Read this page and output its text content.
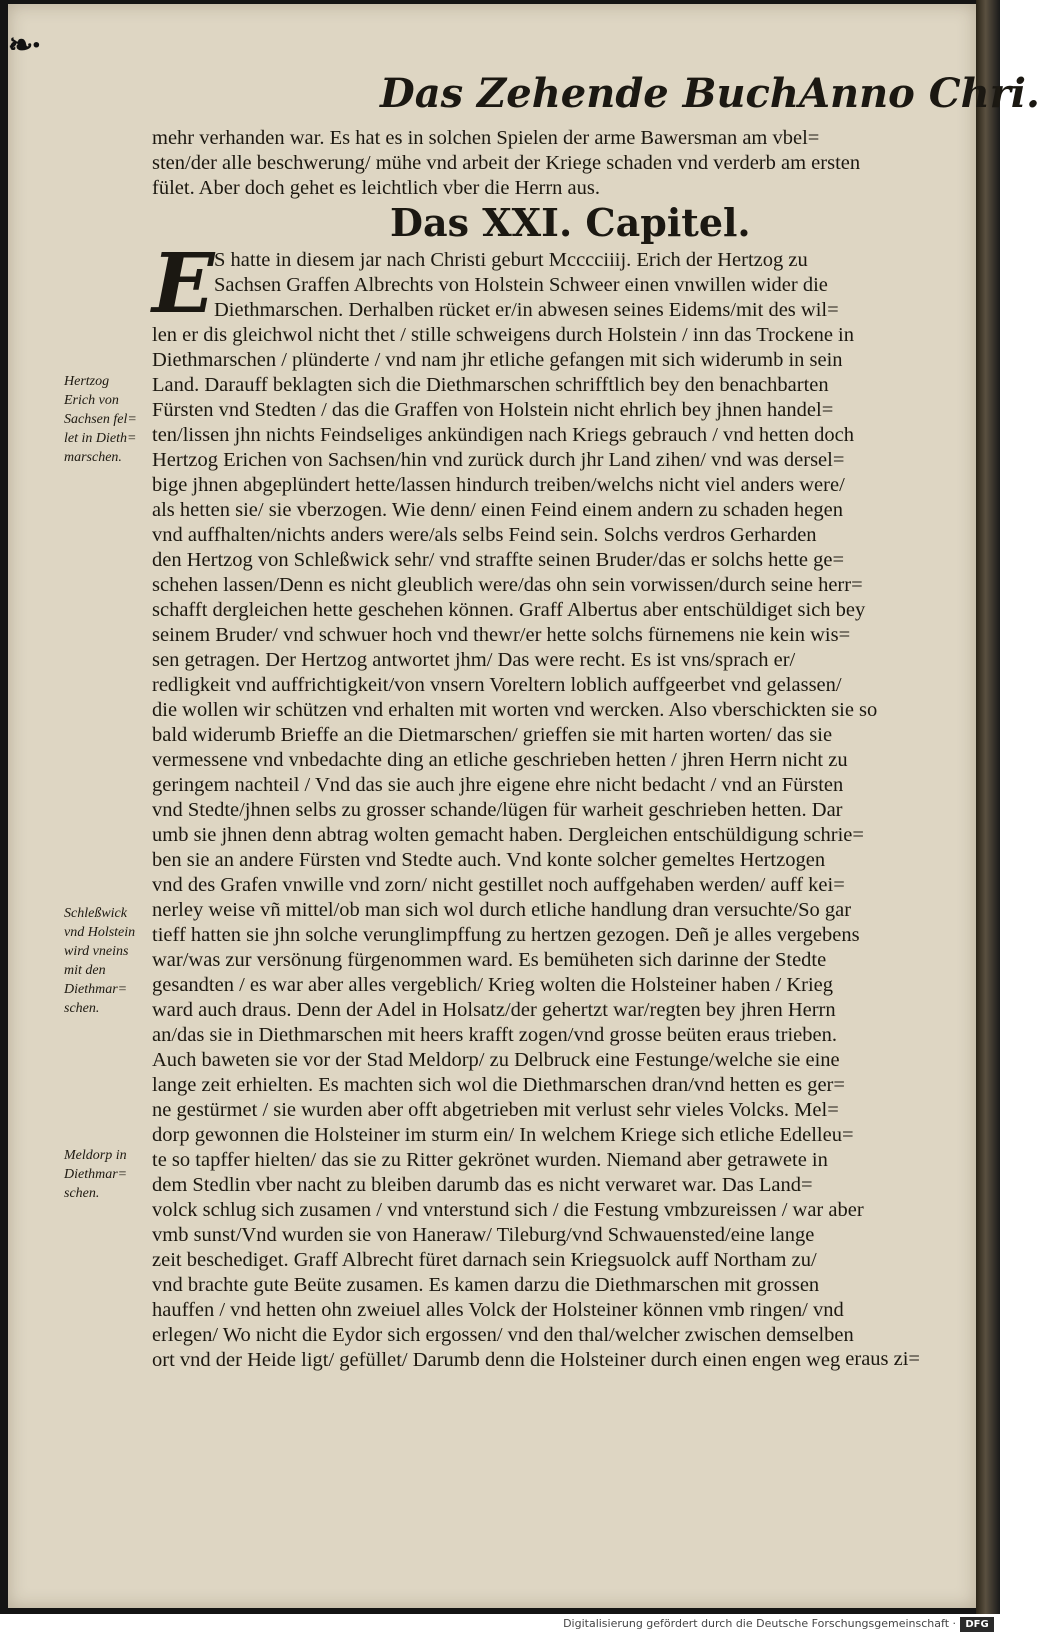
❧·
Das Zehende Buch Anno Chri.
mehr verhanden war. Es hat es in solchen Spielen der arme Bawersman am vbel=
sten/der alle beschwerung/ mühe vnd arbeit der Kriege schaden vnd verderb am ersten
fület. Aber doch gehet es leichtlich vber die Herrn aus.
Das XXI. Capitel.
E S hatte in diesem jar nach Christi geburt Mcccciiij. Erich der Hertzog zu
Sachsen Graffen Albrechts von Holstein Schweer einen vnwillen wider die
Diethmarschen. Derhalben rücket er/in abwesen seines Eidems/mit des wil=
len er dis gleichwol nicht thet / stille schweigens durch Holstein / inn das Trockene in
Diethmarschen / plünderte / vnd nam jhr etliche gefangen mit sich widerumb in sein
Land. Darauff beklagten sich die Diethmarschen schrifftlich bey den benachbarten
Fürsten vnd Stedten / das die Graffen von Holstein nicht ehrlich bey jhnen handel=
ten/lissen jhn nichts Feindseliges ankündigen nach Kriegs gebrauch / vnd hetten doch
Hertzog Erichen von Sachsen/hin vnd zurück durch jhr Land zihen/ vnd was dersel=
bige jhnen abgeplündert hette/lassen hindurch treiben/welchs nicht viel anders were/
als hetten sie/ sie vberzogen. Wie denn/ einen Feind einem andern zu schaden hegen
vnd auffhalten/nichts anders were/als selbs Feind sein. Solchs verdros Gerharden
den Hertzog von Schleßwick sehr/ vnd straffte seinen Bruder/das er solchs hette ge=
schehen lassen/Denn es nicht gleublich were/das ohn sein vorwissen/durch seine herr=
schafft dergleichen hette geschehen können. Graff Albertus aber entschüldiget sich bey
seinem Bruder/ vnd schwuer hoch vnd thewr/er hette solchs fürnemens nie kein wis=
sen getragen. Der Hertzog antwortet jhm/ Das were recht. Es ist vns/sprach er/
redligkeit vnd auffrichtigkeit/von vnsern Voreltern loblich auffgeerbet vnd gelassen/
die wollen wir schützen vnd erhalten mit worten vnd wercken. Also vberschickten sie so
bald widerumb Brieffe an die Dietmarschen/ grieffen sie mit harten worten/ das sie
vermessene vnd vnbedachte ding an etliche geschrieben hetten / jhren Herrn nicht zu
geringem nachteil / Vnd das sie auch jhre eigene ehre nicht bedacht / vnd an Fürsten
vnd Stedte/jhnen selbs zu grosser schande/lügen für warheit geschrieben hetten. Dar
umb sie jhnen denn abtrag wolten gemacht haben. Dergleichen entschüldigung schrie=
ben sie an andere Fürsten vnd Stedte auch. Vnd konte solcher gemeltes Hertzogen
vnd des Grafen vnwille vnd zorn/ nicht gestillet noch auffgehaben werden/ auff kei=
nerley weise vñ mittel/ob man sich wol durch etliche handlung dran versuchte/So gar
tieff hatten sie jhn solche verunglimpffung zu hertzen gezogen. Deñ je alles vergebens
war/was zur versönung fürgenommen ward. Es bemüheten sich darinne der Stedte
gesandten / es war aber alles vergeblich/ Krieg wolten die Holsteiner haben / Krieg
ward auch draus. Denn der Adel in Holsatz/der gehertzt war/regten bey jhren Herrn
an/das sie in Diethmarschen mit heers krafft zogen/vnd grosse beüten eraus trieben.
Auch baweten sie vor der Stad Meldorp/ zu Delbruck eine Festunge/welche sie eine
lange zeit erhielten. Es machten sich wol die Diethmarschen dran/vnd hetten es ger=
ne gestürmet / sie wurden aber offt abgetrieben mit verlust sehr vieles Volcks. Mel=
dorp gewonnen die Holsteiner im sturm ein/ In welchem Kriege sich etliche Edelleu=
te so tapffer hielten/ das sie zu Ritter gekrönet wurden. Niemand aber getrawete in
dem Stedlin vber nacht zu bleiben darumb das es nicht verwaret war. Das Land=
volck schlug sich zusamen / vnd vnterstund sich / die Festung vmbzureissen / war aber
vmb sunst/Vnd wurden sie von Haneraw/ Tileburg/vnd Schwauensted/eine lange
zeit beschediget. Graff Albrecht füret darnach sein Kriegsuolck auff Northam zu/
vnd brachte gute Beüte zusamen. Es kamen darzu die Diethmarschen mit grossen
hauffen / vnd hetten ohn zweiuel alles Volck der Holsteiner können vmb ringen/ vnd
erlegen/ Wo nicht die Eydor sich ergossen/ vnd den thal/welcher zwischen demselben
ort vnd der Heide ligt/ gefüllet/ Darumb denn die Holsteiner durch einen engen weg
Hertzog
Erich von
Sachsen fel=
let in Dieth=
marschen.
Schleßwick
vnd Holstein
wird vneins
mit den
Diethmar=
schen.
Meldorp in
Diethmar=
schen.
eraus zi=
Digitalisierung gefördert durch die Deutsche Forschungsgemeinschaft · DFG
